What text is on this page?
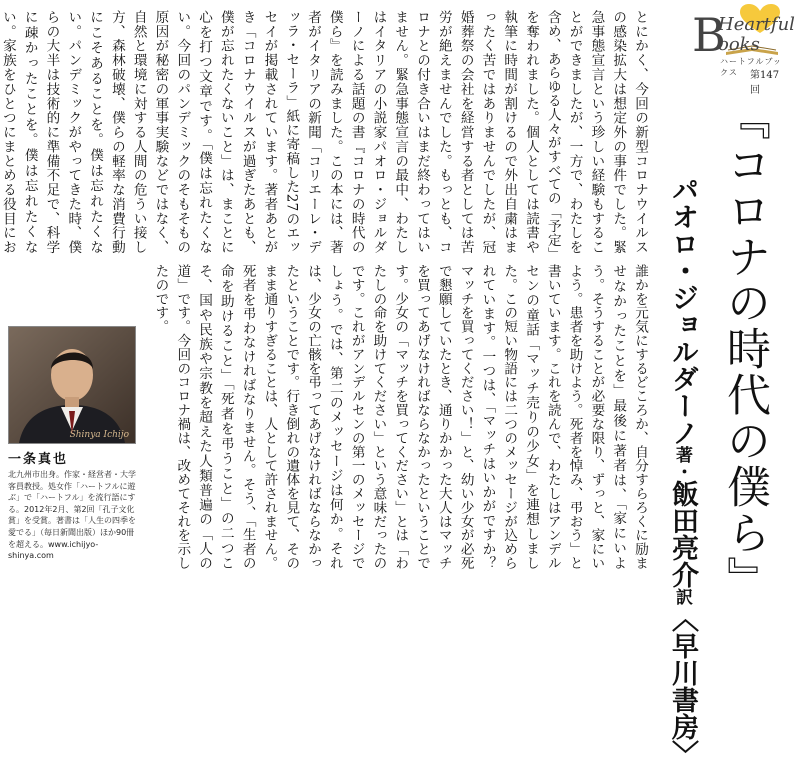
B
Heartful
ooks
ハートフルブックス	第147回
『コロナの時代の僕ら』
パオロ・ジョルダーノ著・飯田亮介訳〈早川書房〉
とにかく、今回の新型コロナウイルスの感染拡大は想定外の事件でした。緊急事態宣言という珍しい経験もすることができましたが、一方で、わたしを含め、あらゆる人々がすべての「予定」を奪われました。個人としては読書や執筆に時間が割けるので外出自粛はまったく苦ではありませんでしたが、冠婚葬祭の会社を経営する者としては苦労が絶えませんでした。もっとも、コロナとの付き合いはまだ終わってはいません。緊急事態宣言の最中、わたしはイタリアの小説家パオロ・ジョルダーノによる話題の書『コロナの時代の僕ら』を読みました。この本には、著者がイタリアの新聞「コリエーレ・デッラ・セーラ」紙に寄稿した27のエッセイが掲載されています。著者あとがき「コロナウイルスが過ぎたあとも、僕が忘れたくないこと」は、まことに心を打つ文章です。「僕は忘れたくない。今回のパンデミックのそもそもの原因が秘密の軍事実験などではなく、自然と環境に対する人間の危うい接し方、森林破壊、僕らの軽率な消費行動にこそあることを。僕は忘れたくない。パンデミックがやってきた時、僕らの大半は技術的に準備不足で、科学に疎かったことを。僕は忘れたくない。家族をひとつにまとめる役目にお
誰かを元気にするどころか、自分すらろくに励ませなかったことを」最後に著者は、「家にいよう。そうすることが必要な限り、ずっと、家にいよう。患者を助けよう。死者を悼み、弔おう」と書いています。これを読んで、わたしはアンデルセンの童話「マッチ売りの少女」を連想しました。この短い物語には二つのメッセージが込められています。一つは、「マッチはいかがですか？マッチを買ってください！」と、幼い少女が必死で懇願していたとき、通りかかった大人はマッチを買ってあげなければならなかったということです。少女の「マッチを買ってください」とは「わたしの命を助けてください」という意味だったのです。これがアンデルセンの第一のメッセージでしょう。では、第二のメッセージは何か。それは、少女の亡骸を弔ってあげなければならなかったということです。行き倒れの遺体を見て、そのまま通りすぎることは、人として許されません。死者を弔わなければなりません。そう、「生者の命を助けること」「死者を弔うこと」の二つこそ、国や民族や宗教を超えた人類普遍の「人の道」です。今回のコロナ禍は、改めてそれを示したのです。
Shinya Ichijo
一条真也
北九州市出身。作家・経営者・大学客員教授。処女作「ハートフルに遊ぶ」で「ハートフル」を流行語にする。2012年2月、第2回「孔子文化賞」を受賞。著書は「人生の四季を愛でる」（毎日新聞出版）ほか90冊を超える。www.ichijyo-shinya.com
